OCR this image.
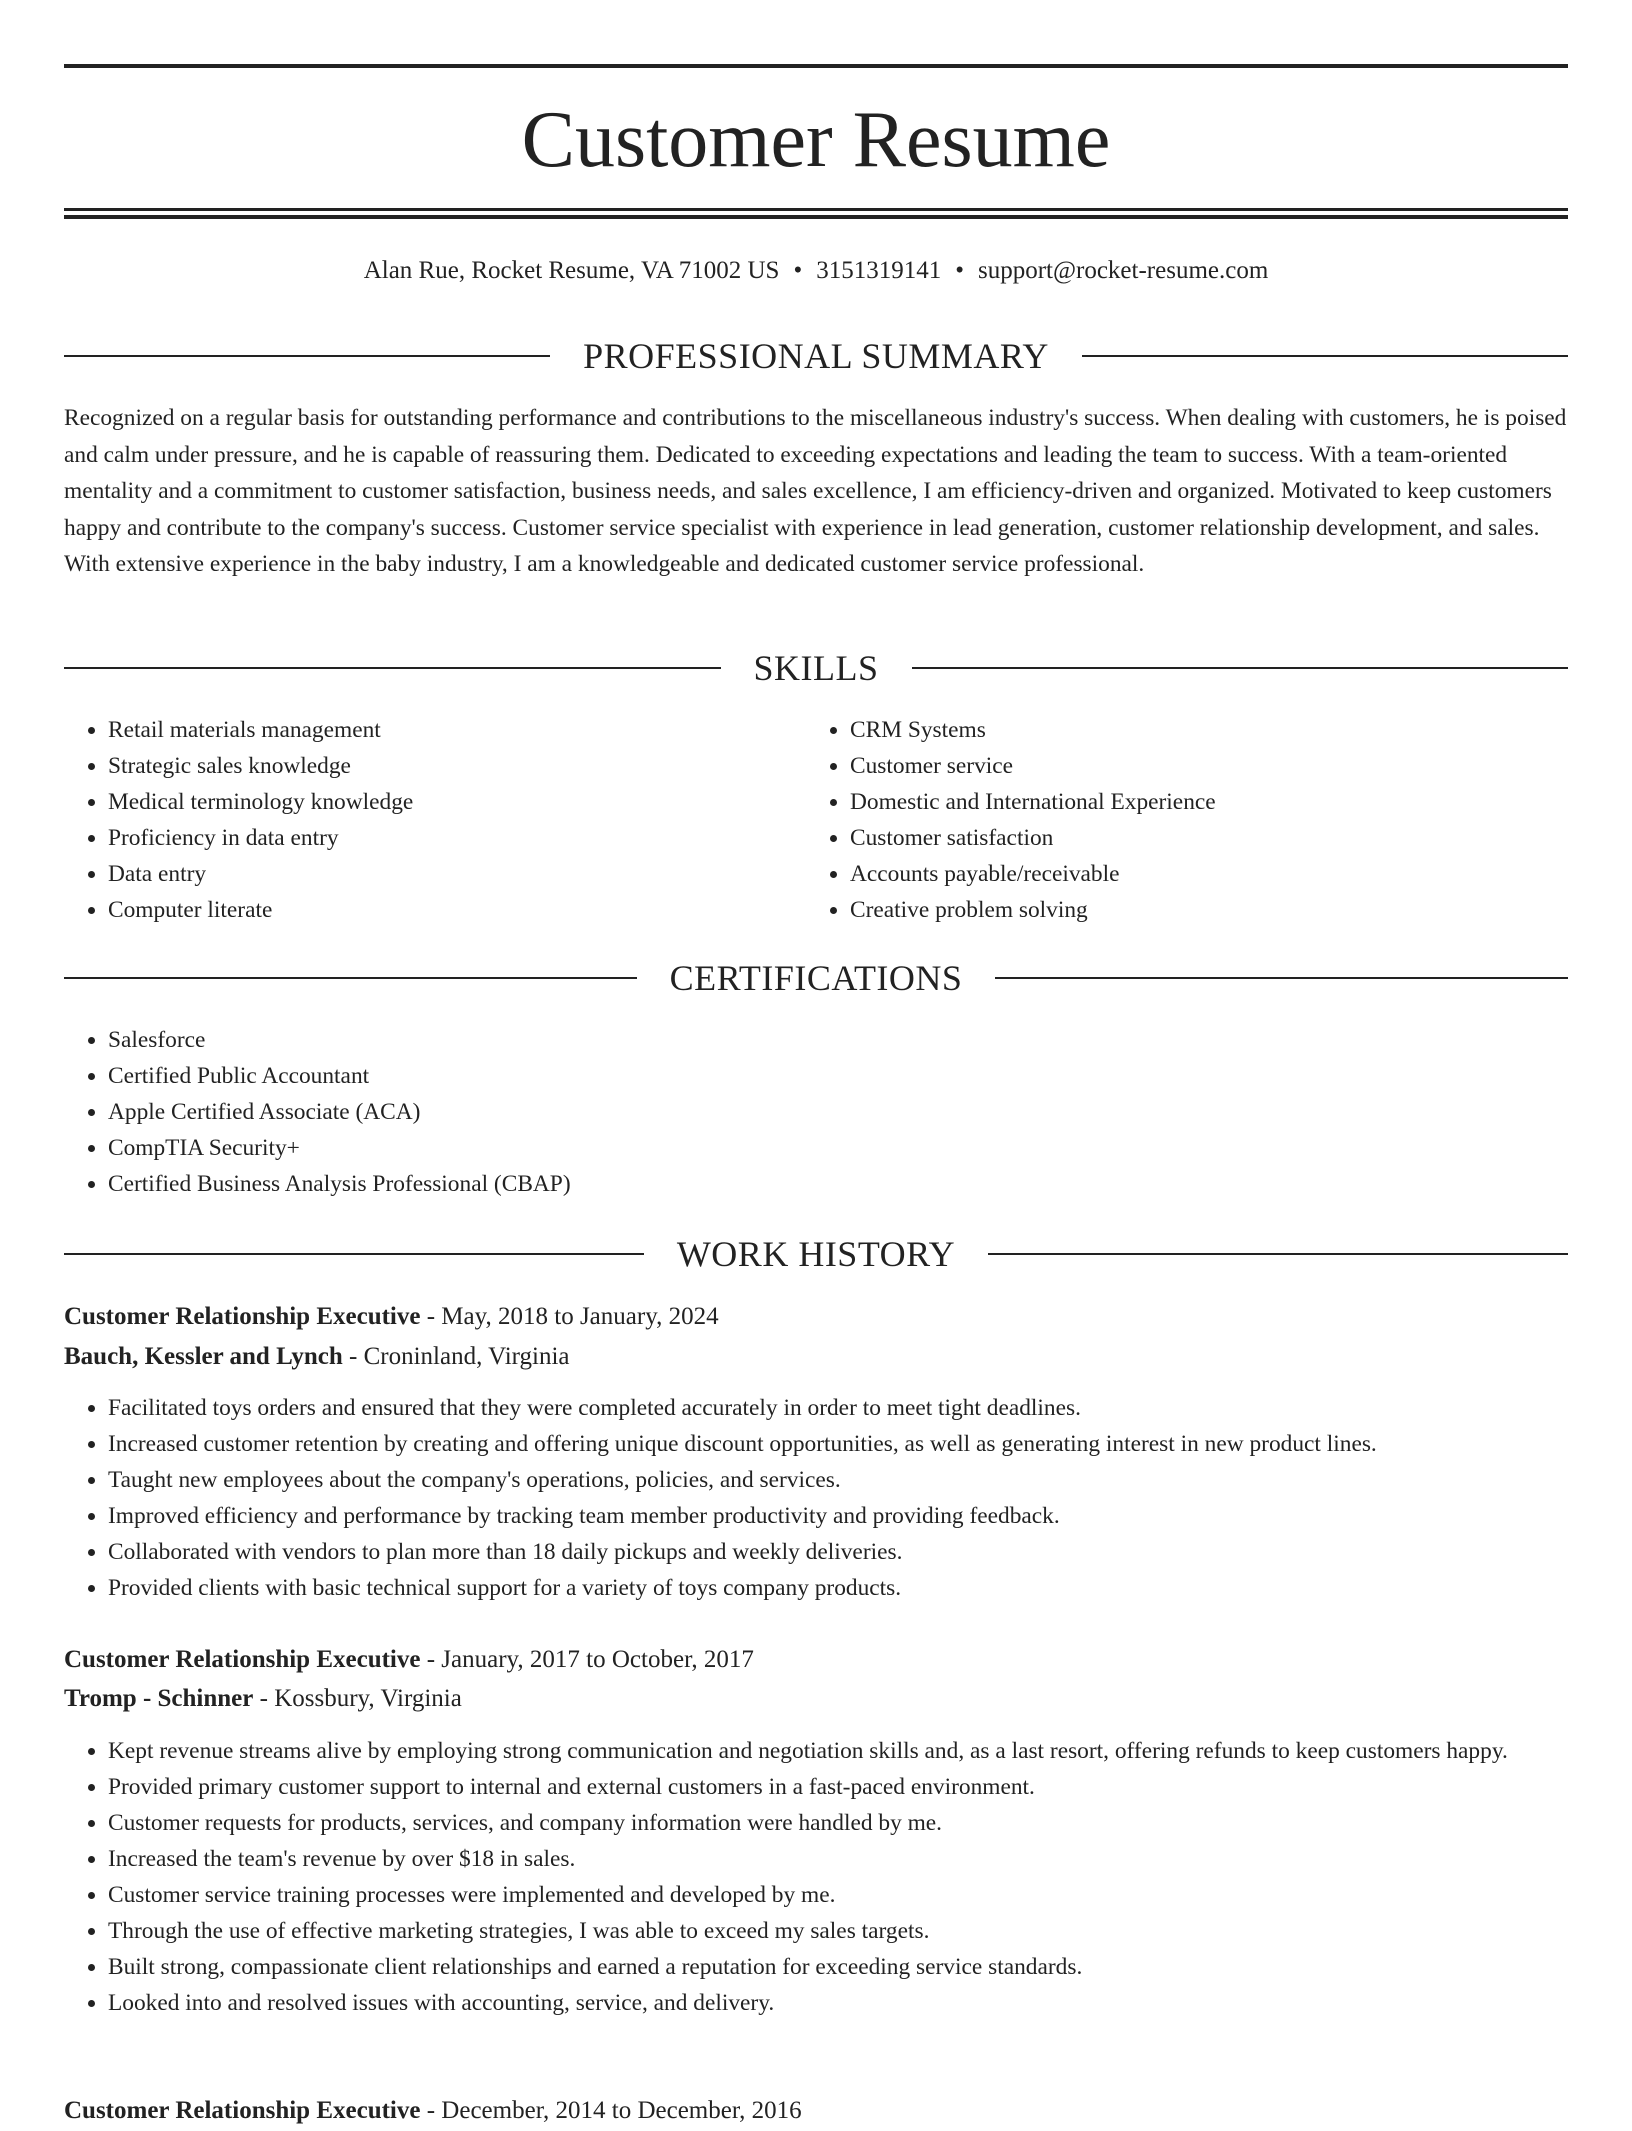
Customer Resume
Alan Rue, Rocket Resume, VA 71002 US • 3151319141 • support@rocket-resume.com
PROFESSIONAL SUMMARY

Recognized on a regular basis for outstanding performance and contributions to the miscellaneous industry's success. When dealing with customers, he is poised and calm under pressure, and he is capable of reassuring them. Dedicated to exceeding expectations and leading the team to success. With a team-oriented mentality and a commitment to customer satisfaction, business needs, and sales excellence, I am efficiency-driven and organized. Motivated to keep customers happy and contribute to the company's success. Customer service specialist with experience in lead generation, customer relationship development, and sales. With extensive experience in the baby industry, I am a knowledgeable and dedicated customer service professional.

SKILLS
• Retail materials management
• Strategic sales knowledge
• Medical terminology knowledge
• Proficiency in data entry
• Data entry
• Computer literate
• CRM Systems
• Customer service
• Domestic and International Experience
• Customer satisfaction
• Accounts payable/receivable
• Creative problem solving
CERTIFICATIONS
• Salesforce
• Certified Public Accountant
• Apple Certified Associate (ACA)
• CompTIA Security+
• Certified Business Analysis Professional (CBAP)
WORK HISTORY
Customer Relationship Executive - May, 2018 to January, 2024
Bauch, Kessler and Lynch - Croninland, Virginia
• Facilitated toys orders and ensured that they were completed accurately in order to meet tight deadlines.
• Increased customer retention by creating and offering unique discount opportunities, as well as generating interest in new product lines.
• Taught new employees about the company's operations, policies, and services.
• Improved efficiency and performance by tracking team member productivity and providing feedback.
• Collaborated with vendors to plan more than 18 daily pickups and weekly deliveries.
• Provided clients with basic technical support for a variety of toys company products.
Customer Relationship Executive - January, 2017 to October, 2017
Tromp - Schinner - Kossbury, Virginia
• Kept revenue streams alive by employing strong communication and negotiation skills and, as a last resort, offering refunds to keep customers happy.
• Provided primary customer support to internal and external customers in a fast-paced environment.
• Customer requests for products, services, and company information were handled by me.
• Increased the team's revenue by over $18 in sales.
• Customer service training processes were implemented and developed by me.
• Through the use of effective marketing strategies, I was able to exceed my sales targets.
• Built strong, compassionate client relationships and earned a reputation for exceeding service standards.
• Looked into and resolved issues with accounting, service, and delivery.
Customer Relationship Executive - December, 2014 to December, 2016
